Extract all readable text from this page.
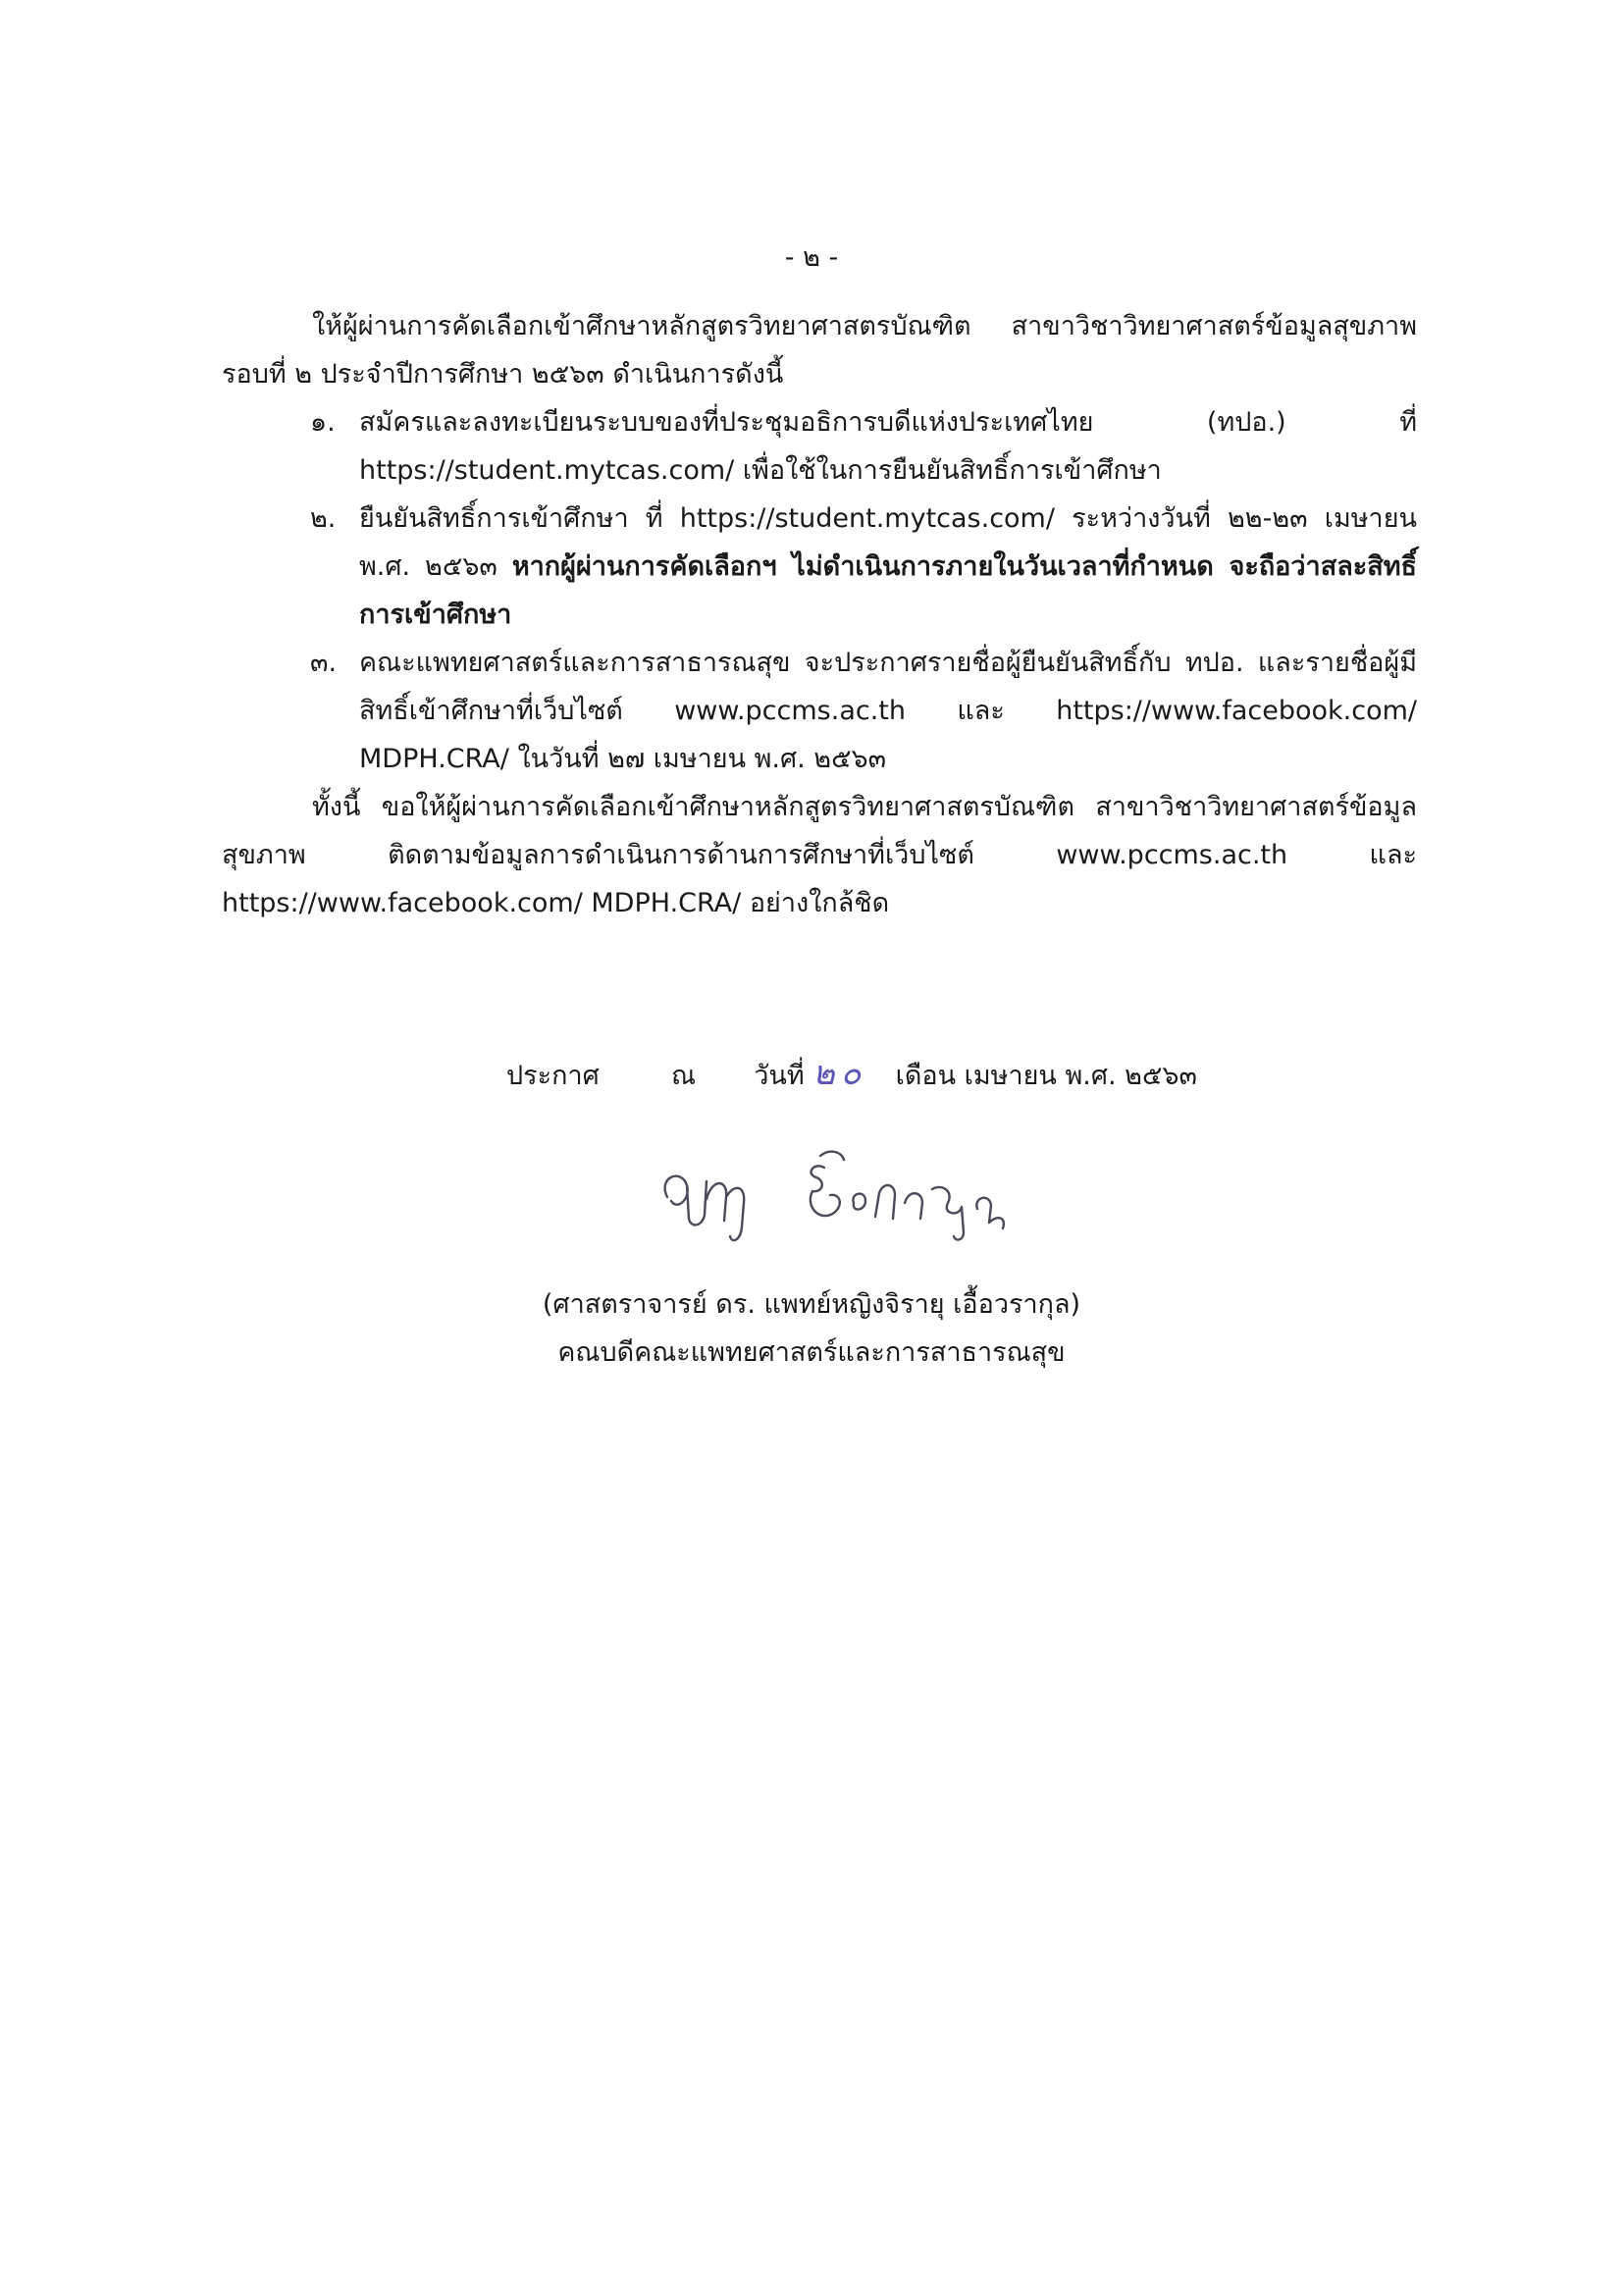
- ๒ -

ให้ผู้ผ่านการคัดเลือกเข้าศึกษาหลักสูตรวิทยาศาสตรบัณฑิต สาขาวิชาวิทยาศาสตร์ข้อมูลสุขภาพ รอบที่ ๒ ประจำปีการศึกษา ๒๕๖๓ ดำเนินการดังนี้

๑. สมัครและลงทะเบียนระบบของที่ประชุมอธิการบดีแห่งประเทศไทย (ทปอ.) ที่ https://student.mytcas.com/ เพื่อใช้ในการยืนยันสิทธิ์การเข้าศึกษา
๒. ยืนยันสิทธิ์การเข้าศึกษา ที่ https://student.mytcas.com/ ระหว่างวันที่ ๒๒-๒๓ เมษายน พ.ศ. ๒๕๖๓ หากผู้ผ่านการคัดเลือกฯ ไม่ดำเนินการภายในวันเวลาที่กำหนด จะถือว่าสละสิทธิ์การเข้าศึกษา
๓. คณะแพทยศาสตร์และการสาธารณสุข จะประกาศรายชื่อผู้ยืนยันสิทธิ์กับ ทปอ. และรายชื่อผู้มีสิทธิ์เข้าศึกษาที่เว็บไซต์ www.pccms.ac.th และ https://www.facebook.com/ MDPH.CRA/ ในวันที่ ๒๗ เมษายน พ.ศ. ๒๕๖๓

ทั้งนี้ ขอให้ผู้ผ่านการคัดเลือกเข้าศึกษาหลักสูตรวิทยาศาสตรบัณฑิต สาขาวิชาวิทยาศาสตร์ข้อมูลสุขภาพ ติดตามข้อมูลการดำเนินการด้านการศึกษาที่เว็บไซต์ www.pccms.ac.th และ https://www.facebook.com/ MDPH.CRA/ อย่างใกล้ชิด

ประกาศ	ณ วันที่ ๒๐ เดือน เมษายน พ.ศ. ๒๕๖๓
(ศาสตราจารย์ ดร. แพทย์หญิงจิรายุ เอื้อวรากุล)
คณบดีคณะแพทยศาสตร์และการสาธารณสุข
